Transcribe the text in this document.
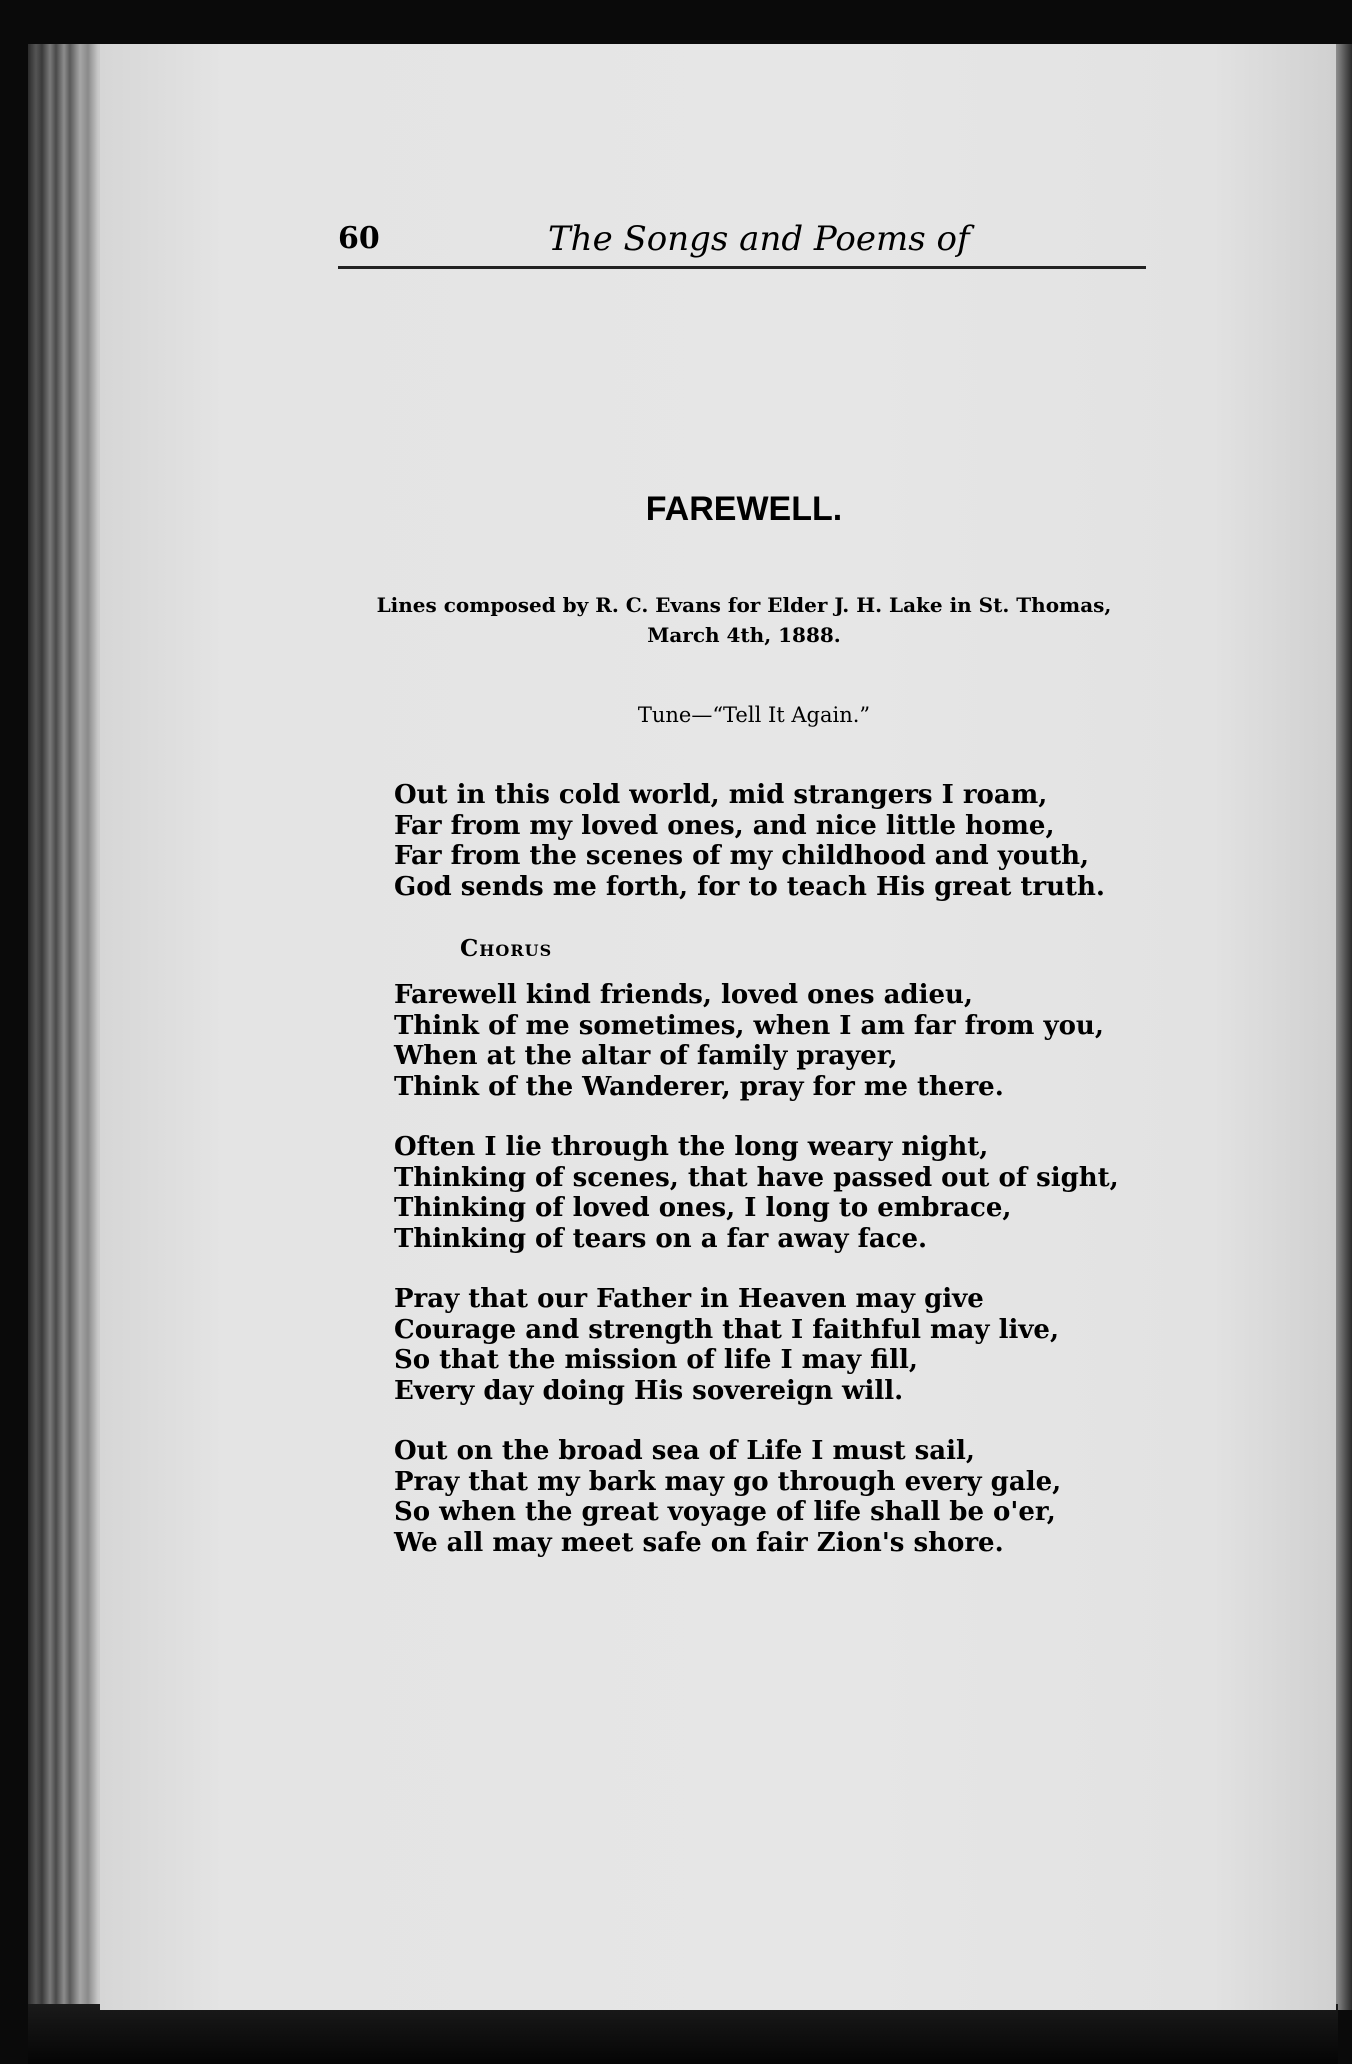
60	The Songs and Poems of
FAREWELL.
Lines composed by R. C. Evans for Elder J. H. Lake in St. Thomas,
March 4th, 1888.
Tune—“Tell It Again.”
Out in this cold world, mid strangers I roam,
Far from my loved ones, and nice little home,
Far from the scenes of my childhood and youth,
God sends me forth, for to teach His great truth.
Chorus
Farewell kind friends, loved ones adieu,
Think of me sometimes, when I am far from you,
When at the altar of family prayer,
Think of the Wanderer, pray for me there.
Often I lie through the long weary night,
Thinking of scenes, that have passed out of sight,
Thinking of loved ones, I long to embrace,
Thinking of tears on a far away face.
Pray that our Father in Heaven may give
Courage and strength that I faithful may live,
So that the mission of life I may fill,
Every day doing His sovereign will.
Out on the broad sea of Life I must sail,
Pray that my bark may go through every gale,
So when the great voyage of life shall be o'er,
We all may meet safe on fair Zion's shore.
